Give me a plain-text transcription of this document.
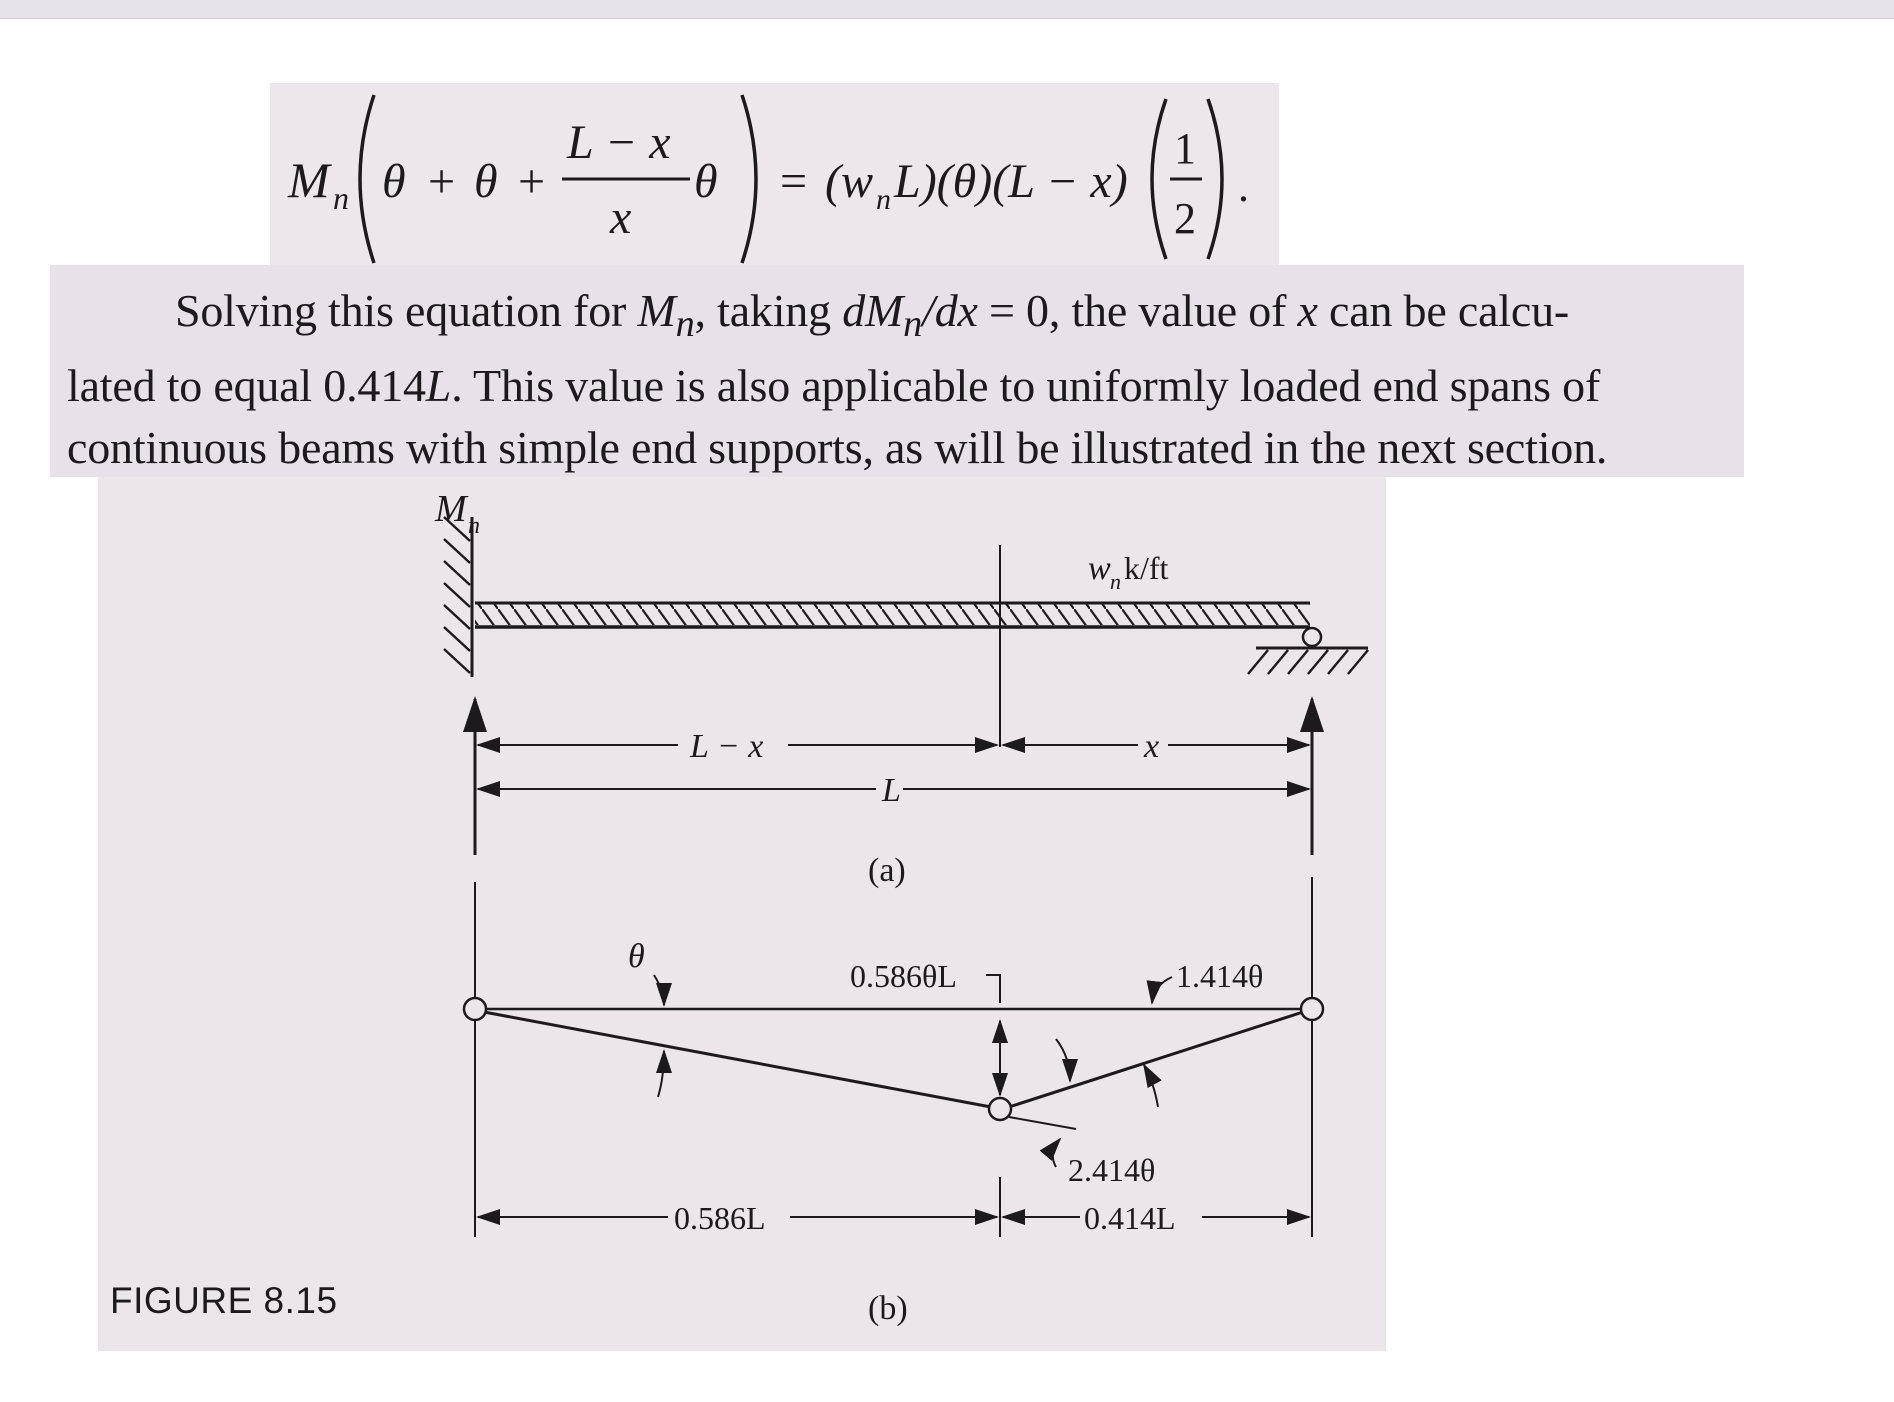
M n θ + θ +
L − x
x
θ = (w n L)(θ)(L − x)
1
2
.
Solving this equation for $M_n$, taking $dM_n/dx = 0$, the value of x can be calcu-
lated to equal 0.414L. This value is also applicable to uniformly loaded end spans of
continuous beams with simple end supports, as will be illustrated in the next section.
M n
w n k/ft
L − x	x
L
(a)
θ
0.586θL	1.414θ
2.414θ
0.586L	0.414L
(b)
FIGURE 8.15
